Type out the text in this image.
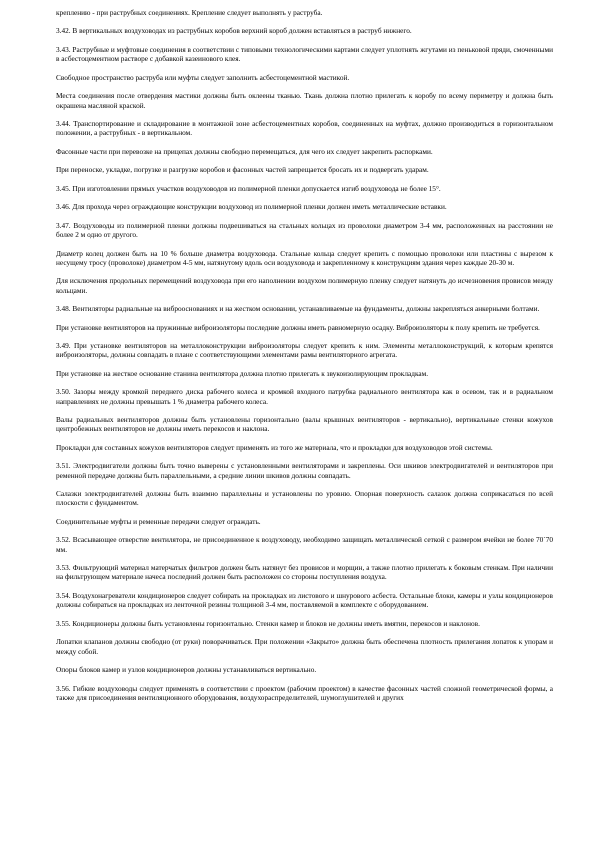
креплению - при раструбных соединениях. Крепление следует выполнять у раструба.

3.42. В вертикальных воздуховодах из раструбных коробов верхний короб должен вставляться в раструб нижнего.

3.43. Раструбные и муфтовые соединения в соответствии с типовыми технологическими картами следует уплотнять жгутами из пеньковой пряди, смоченными в асбестоцементном растворе с добавкой казеинового клея.

Свободное пространство раструба или муфты следует заполнить асбестоцементной мастикой.

Места соединения после отвердения мастики должны быть оклеены тканью. Ткань должна плотно прилегать к коробу по всему периметру и должна быть окрашена масляной краской.

3.44. Транспортирование и складирование в монтажной зоне асбестоцементных коробов, соединенных на муфтах, должно производиться в горизонтальном положении, а раструбных - в вертикальном.

Фасонные части при перевозке на прицепах должны свободно перемещаться, для чего их следует закрепить распорками.

При переноске, укладке, погрузке и разгрузке коробов и фасонных частей запрещается бросать их и подвергать ударам.

3.45. При изготовлении прямых участков воздуховодов из полимерной пленки допускается изгиб воздуховода не более 15°.

3.46. Для прохода через ограждающие конструкции воздуховод из полимерной пленки должен иметь металлические вставки.

3.47. Воздуховоды из полимерной пленки должны подвешиваться на стальных кольцах из проволоки диаметром 3-4 мм, расположенных на расстоянии не более 2 м одно от другого.

Диаметр колец должен быть на 10 % больше диаметра воздуховода. Стальные кольца следует крепить с помощью проволоки или пластины с вырезом к несущему тросу (проволоке) диаметром 4-5 мм, натянутому вдоль оси воздуховода и закрепленному к конструкциям здания через каждые 20-30 м.

Для исключения продольных перемещений воздуховода при его наполнении воздухом полимерную пленку следует натянуть до исчезновения провисов между кольцами.

3.48. Вентиляторы радиальные на виброоснованиях и на жестком основании, устанавливаемые на фундаменты, должны закрепляться анкерными болтами.

При установке вентиляторов на пружинные виброизоляторы последние должны иметь равномерную осадку. Виброизоляторы к полу крепить не требуется.

3.49. При установке вентиляторов на металлоконструкции виброизоляторы следует крепить к ним. Элементы металлоконструкций, к которым крепятся виброизоляторы, должны совпадать в плане с соответствующими элементами рамы вентиляторного агрегата.

При установке на жесткое основание станина вентилятора должна плотно прилегать к звукоизолирующим прокладкам.

3.50. Зазоры между кромкой переднего диска рабочего колеса и кромкой входного патрубка радиального вентилятора как в осевом, так и в радиальном направлениях не должны превышать 1 % диаметра рабочего колеса.

Валы радиальных вентиляторов должны быть установлены горизонтально (валы крышных вентиляторов - вертикально), вертикальные стенки кожухов центробежных вентиляторов не должны иметь перекосов и наклона.

Прокладки для составных кожухов вентиляторов следует применять из того же материала, что и прокладки для воздуховодов этой системы.

3.51. Электродвигатели должны быть точно выверены с установленными вентиляторами и закреплены. Оси шкивов электродвигателей и вентиляторов при ременной передаче должны быть параллельными, а средние линии шкивов должны совпадать.

Салазки электродвигателей должны быть взаимно параллельны и установлены по уровню. Опорная поверхность салазок должна соприкасаться по всей плоскости с фундаментом.

Соединительные муфты и ременные передачи следует ограждать.

3.52. Всасывающее отверстие вентилятора, не присоединенное к воздуховоду, необходимо защищать металлической сеткой с размером ячейки не более 70´70 мм.

3.53. Фильтрующий материал матерчатых фильтров должен быть натянут без провисов и морщин, а также плотно прилегать к боковым стенкам. При наличии на фильтрующем материале начеса последний должен быть расположен со стороны поступления воздуха.

3.54. Воздухонагреватели кондиционеров следует собирать на прокладках из листового и шнурового асбеста. Остальные блоки, камеры и узлы кондиционеров должны собираться на прокладках из ленточной резины толщиной 3-4 мм, поставляемой в комплекте с оборудованием.

3.55. Кондиционеры должны быть установлены горизонтально. Стенки камер и блоков не должны иметь вмятин, перекосов и наклонов.

Лопатки клапанов должны свободно (от руки) поворачиваться. При положении «Закрыто» должна быть обеспечена плотность прилегания лопаток к упорам и между собой.

Опоры блоков камер и узлов кондиционеров должны устанавливаться вертикально.

3.56. Гибкие воздуховоды следует применять в соответствии с проектом (рабочим проектом) в качестве фасонных частей сложной геометрической формы, а также для присоединения вентиляционного оборудования, воздухораспределителей, шумоглушителей и других
